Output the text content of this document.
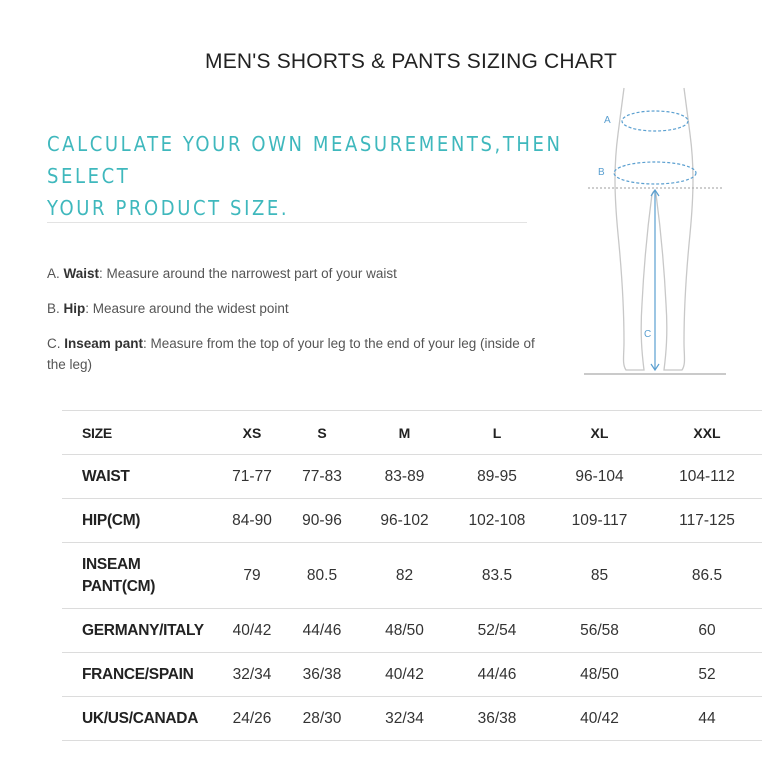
MEN'S SHORTS & PANTS SIZING CHART
CALCULATE YOUR OWN MEASUREMENTS,THEN SELECT
YOUR PRODUCT SIZE.
A. Waist: Measure around the narrowest part of your waist
B. Hip: Measure around the widest point
C. Inseam pant: Measure from the top of your leg to the end of your leg (inside of the leg)
A
B
C
SIZE	XS	S	M	L	XL	XXL
WAIST	71-77	77-83	83-89	89-95	96-104	104-112
HIP(CM)	84-90	90-96	96-102	102-108	109-117	117-125
INSEAM PANT(CM)	79	80.5	82	83.5	85	86.5
GERMANY/ITALY	40/42	44/46	48/50	52/54	56/58	60
FRANCE/SPAIN	32/34	36/38	40/42	44/46	48/50	52
UK/US/CANADA	24/26	28/30	32/34	36/38	40/42	44
